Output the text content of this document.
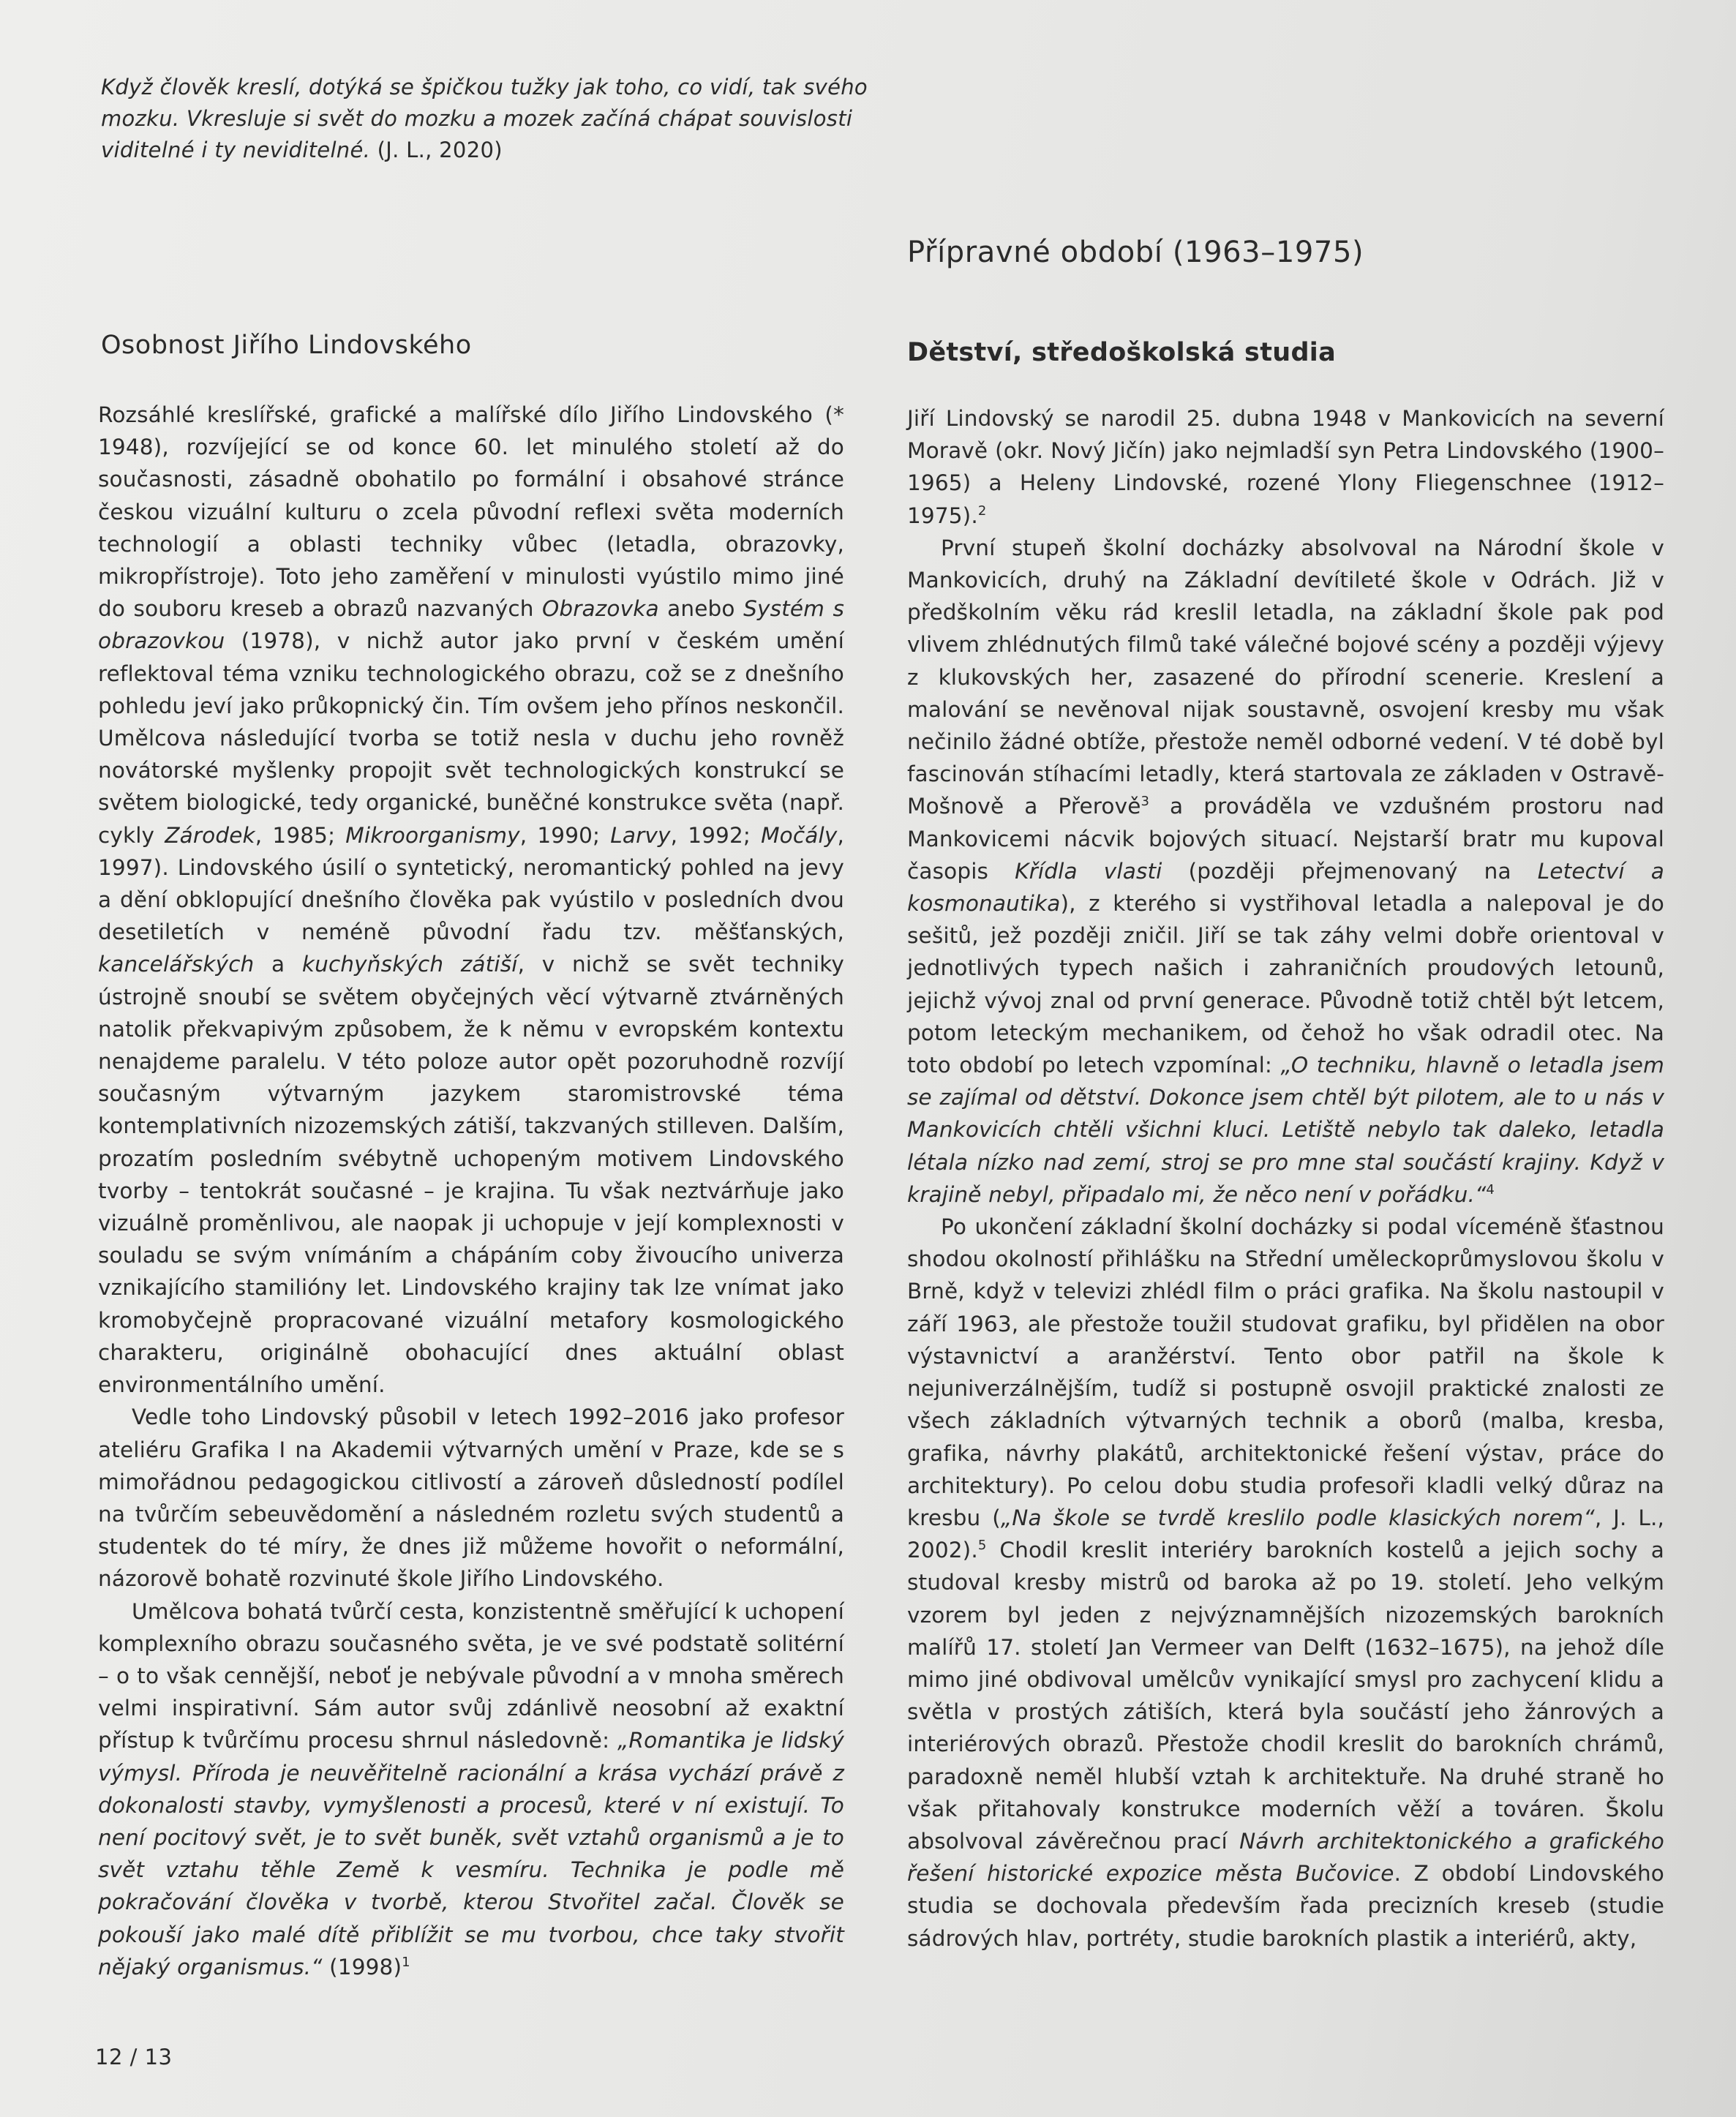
Když člověk kreslí, dotýká se špičkou tužky jak toho, co vidí, tak svého mozku. Vkresluje si svět do mozku a mozek začíná chápat souvislosti viditelné i ty neviditelné. (J. L., 2020)
Přípravné období (1963–1975)
Osobnost Jiřího Lindovského	Dětství, středoškolská studia

Rozsáhlé kreslířské, grafické a malířské dílo Jiřího Lindovského (* 1948), rozvíjející se od konce 60. let minulého století až do současnosti, zásadně obohatilo po formální i obsahové stránce českou vizuální kulturu o zcela původní reflexi světa moderních technologií a oblasti techniky vůbec (letadla, obrazovky, mikropřístroje). Toto jeho zaměření v minulosti vyústilo mimo jiné do souboru kreseb a obrazů nazvaných Obrazovka anebo Systém s obrazovkou (1978), v nichž autor jako první v českém umění reflektoval téma vzniku technologického obrazu, což se z dnešního pohledu jeví jako průkopnický čin. Tím ovšem jeho přínos neskončil. Umělcova následující tvorba se totiž nesla v duchu jeho rovněž novátorské myšlenky propojit svět technologických konstrukcí se světem biologické, tedy organické, buněčné konstrukce světa (např. cykly Zárodek, 1985; Mikroorganismy, 1990; Larvy, 1992; Močály, 1997). Lindovského úsilí o syntetický, neromantický pohled na jevy a dění obklopující dnešního člověka pak vyústilo v posledních dvou desetiletích v neméně původní řadu tzv. měšťanských, kancelářských a kuchyňských zátiší, v nichž se svět techniky ústrojně snoubí se světem obyčejných věcí výtvarně ztvárněných natolik překvapivým způsobem, že k němu v evropském kontextu nenajdeme paralelu. V této poloze autor opět pozoruhodně rozvíjí současným výtvarným jazykem staromistrovské téma kontemplativních nizozemských zátiší, takzvaných stilleven. Dalším, prozatím posledním svébytně uchopeným motivem Lindovského tvorby – tentokrát současné – je krajina. Tu však neztvárňuje jako vizuálně proměnlivou, ale naopak ji uchopuje v její komplexnosti v souladu se svým vnímáním a chápáním coby živoucího univerza vznikajícího stamilióny let. Lindovského krajiny tak lze vnímat jako kromobyčejně propracované vizuální metafory kosmologického charakteru, originálně obohacující dnes aktuální oblast environmentálního umění.

Vedle toho Lindovský působil v letech 1992–2016 jako profesor ateliéru Grafika I na Akademii výtvarných umění v Praze, kde se s mimořádnou pedagogickou citlivostí a zároveň důsledností podílel na tvůrčím sebeuvědomění a následném rozletu svých studentů a studentek do té míry, že dnes již můžeme hovořit o neformální, názorově bohatě rozvinuté škole Jiřího Lindovského.

Umělcova bohatá tvůrčí cesta, konzistentně směřující k uchopení komplexního obrazu současného světa, je ve své podstatě solitérní – o to však cennější, neboť je nebývale původní a v mnoha směrech velmi inspirativní. Sám autor svůj zdánlivě neosobní až exaktní přístup k tvůrčímu procesu shrnul následovně: „Romantika je lidský výmysl. Příroda je neuvěřitelně racionální a krása vychází právě z dokonalosti stavby, vymyšlenosti a procesů, které v ní existují. To není pocitový svět, je to svět buněk, svět vztahů organismů a je to svět vztahu těhle Země k vesmíru. Technika je podle mě pokračování člověka v tvorbě, kterou Stvořitel začal. Člověk se pokouší jako malé dítě přiblížit se mu tvorbou, chce taky stvořit nějaký organismus.“ $(1998)^1$

Jiří Lindovský se narodil 25. dubna 1948 v Mankovicích na severní Moravě (okr. Nový Jičín) jako nejmladší syn Petra Lindovského (1900–1965) a Heleny Lindovské, rozené Ylony Fliegenschnee (1912–1975).$^2$

První stupeň školní docházky absolvoval na Národní škole v Mankovicích, druhý na Základní devítileté škole v Odrách. Již v předškolním věku rád kreslil letadla, na základní škole pak pod vlivem zhlédnutých filmů také válečné bojové scény a později výjevy z klukovských her, zasazené do přírodní scenerie. Kreslení a malování se nevěnoval nijak soustavně, osvojení kresby mu však nečinilo žádné obtíže, přestože neměl odborné vedení. V té době byl fascinován stíhacími letadly, která startovala ze základen v Ostravě-Mošnově a Přerově$^3$ a prováděla ve vzdušném prostoru nad Mankovicemi nácvik bojových situací. Nejstarší bratr mu kupoval časopis Křídla vlasti (později přejmenovaný na Letectví a kosmonautika), z kterého si vystřihoval letadla a nalepoval je do sešitů, jež později zničil. Jiří se tak záhy velmi dobře orientoval v jednotlivých typech našich i zahraničních proudových letounů, jejichž vývoj znal od první generace. Původně totiž chtěl být letcem, potom leteckým mechanikem, od čehož ho však odradil otec. Na toto období po letech vzpomínal: „O techniku, hlavně o letadla jsem se zajímal od dětství. Dokonce jsem chtěl být pilotem, ale to u nás v Mankovicích chtěli všichni kluci. Letiště nebylo tak daleko, letadla létala nízko nad zemí, stroj se pro mne stal součástí krajiny. Když v krajině nebyl, připadalo mi, že něco není v pořádku.“$^4$

Po ukončení základní školní docházky si podal víceméně šťastnou shodou okolností přihlášku na Střední uměleckoprůmyslovou školu v Brně, když v televizi zhlédl film o práci grafika. Na školu nastoupil v září 1963, ale přestože toužil studovat grafiku, byl přidělen na obor výstavnictví a aranžérství. Tento obor patřil na škole k nejuniverzálnějším, tudíž si postupně osvojil praktické znalosti ze všech základních výtvarných technik a oborů (malba, kresba, grafika, návrhy plakátů, architektonické řešení výstav, práce do architektury). Po celou dobu studia profesoři kladli velký důraz na kresbu („Na škole se tvrdě kreslilo podle klasických norem“, J. L., 2002).$^5$ Chodil kreslit interiéry barokních kostelů a jejich sochy a studoval kresby mistrů od baroka až po 19. století. Jeho velkým vzorem byl jeden z nejvýznamnějších nizozemských barokních malířů 17. století Jan Vermeer van Delft (1632–1675), na jehož díle mimo jiné obdivoval umělcův vynikající smysl pro zachycení klidu a světla v prostých zátiších, která byla součástí jeho žánrových a interiérových obrazů. Přestože chodil kreslit do barokních chrámů, paradoxně neměl hlubší vztah k architektuře. Na druhé straně ho však přitahovaly konstrukce moderních věží a továren. Školu absolvoval závěrečnou prací Návrh architektonického a grafického řešení historické expozice města Bučovice. Z období Lindovského studia se dochovala především řada precizních kreseb (studie sádrových hlav, portréty, studie barokních plastik a interiérů, akty,

12 / 13
